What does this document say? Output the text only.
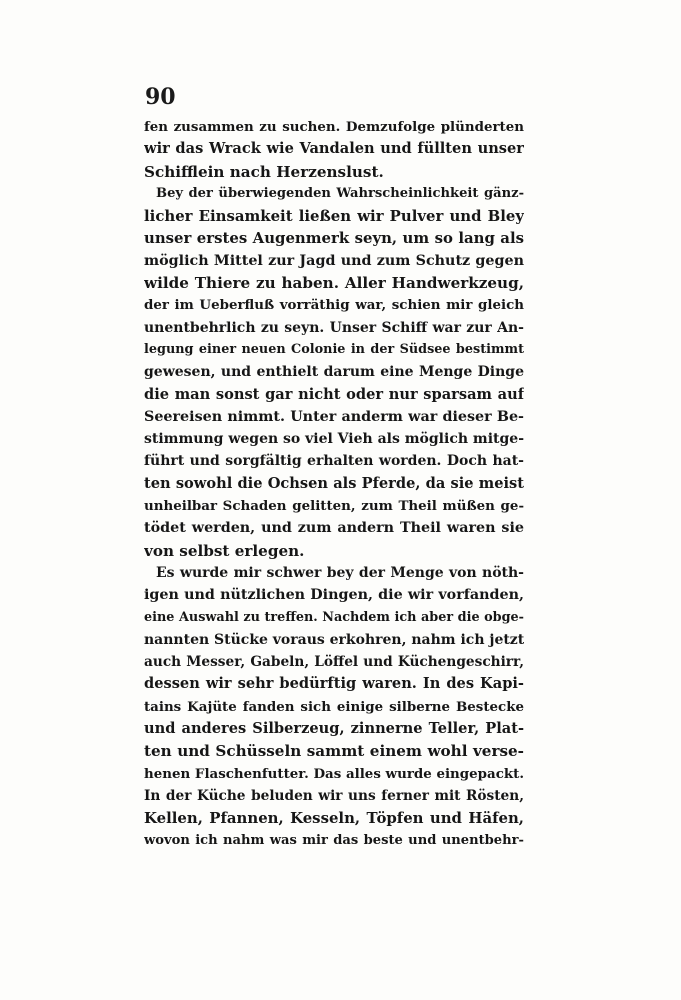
90
fen zusammen zu suchen. Demzufolge plünderten
wir das Wrack wie Vandalen und füllten unser
Schifflein nach Herzenslust.
Bey der überwiegenden Wahrscheinlichkeit gänz-
licher Einsamkeit ließen wir Pulver und Bley
unser erstes Augenmerk seyn, um so lang als
möglich Mittel zur Jagd und zum Schutz gegen
wilde Thiere zu haben. Aller Handwerkzeug,
der im Ueberfluß vorräthig war, schien mir gleich
unentbehrlich zu seyn. Unser Schiff war zur An-
legung einer neuen Colonie in der Südsee bestimmt
gewesen, und enthielt darum eine Menge Dinge
die man sonst gar nicht oder nur sparsam auf
Seereisen nimmt. Unter anderm war dieser Be-
stimmung wegen so viel Vieh als möglich mitge-
führt und sorgfältig erhalten worden. Doch hat-
ten sowohl die Ochsen als Pferde, da sie meist
unheilbar Schaden gelitten, zum Theil müßen ge-
tödet werden, und zum andern Theil waren sie
von selbst erlegen.
Es wurde mir schwer bey der Menge von nöth-
igen und nützlichen Dingen, die wir vorfanden,
eine Auswahl zu treffen. Nachdem ich aber die obge-
nannten Stücke voraus erkohren, nahm ich jetzt
auch Messer, Gabeln, Löffel und Küchengeschirr,
dessen wir sehr bedürftig waren. In des Kapi-
tains Kajüte fanden sich einige silberne Bestecke
und anderes Silberzeug, zinnerne Teller, Plat-
ten und Schüsseln sammt einem wohl verse-
henen Flaschenfutter. Das alles wurde eingepackt.
In der Küche beluden wir uns ferner mit Rösten,
Kellen, Pfannen, Kesseln, Töpfen und Häfen,
wovon ich nahm was mir das beste und unentbehr-
